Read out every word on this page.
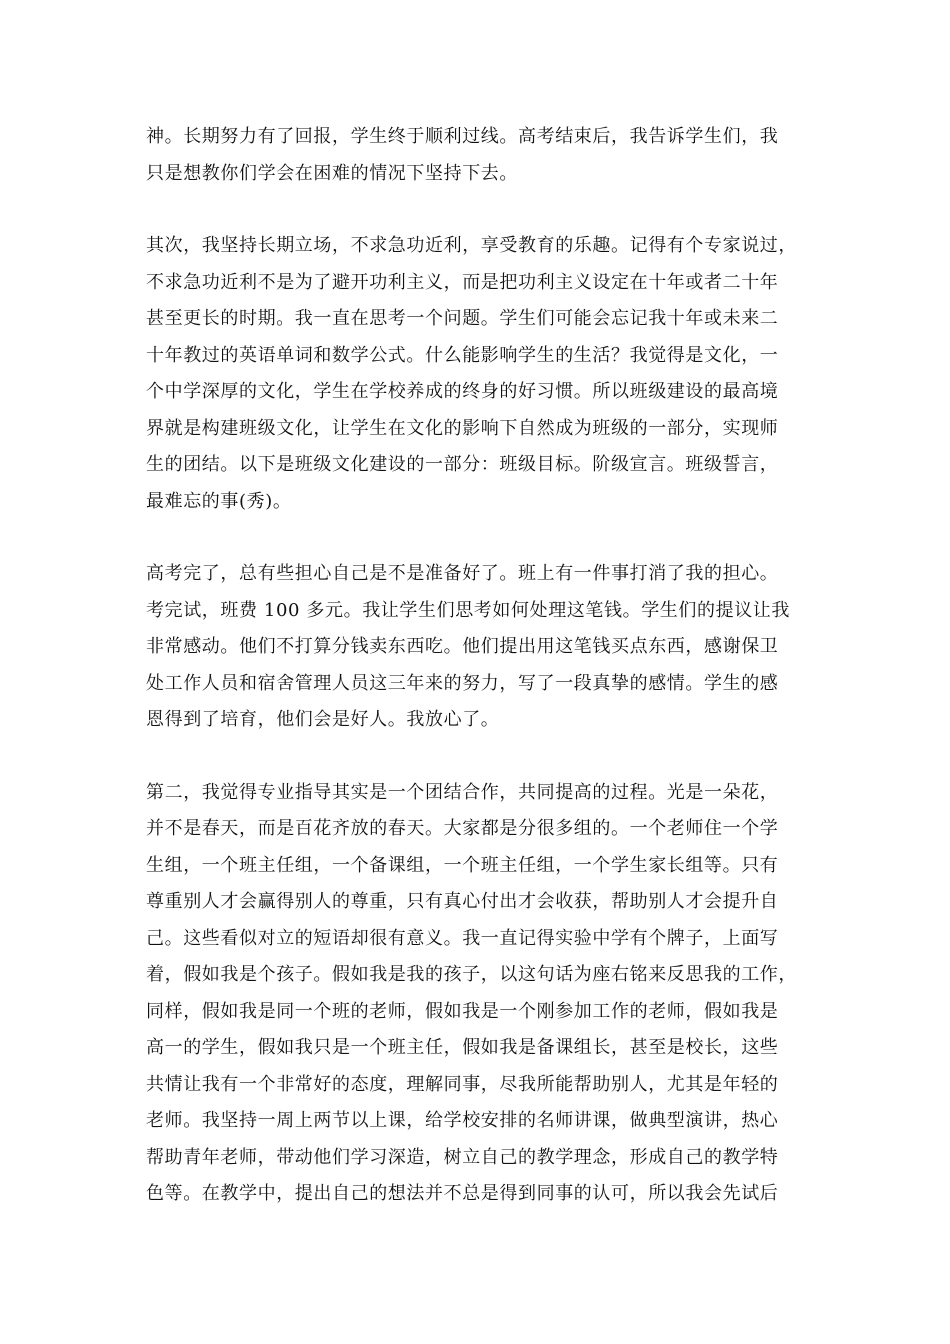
神。长期努力有了回报，学生终于顺利过线。高考结束后，我告诉学生们，我
只是想教你们学会在困难的情况下坚持下去。
其次，我坚持长期立场，不求急功近利，享受教育的乐趣。记得有个专家说过，
不求急功近利不是为了避开功利主义，而是把功利主义设定在十年或者二十年
甚至更长的时期。我一直在思考一个问题。学生们可能会忘记我十年或未来二
十年教过的英语单词和数学公式。什么能影响学生的生活？我觉得是文化，一
个中学深厚的文化，学生在学校养成的终身的好习惯。所以班级建设的最高境
界就是构建班级文化，让学生在文化的影响下自然成为班级的一部分，实现师
生的团结。以下是班级文化建设的一部分：班级目标。阶级宣言。班级誓言，
最难忘的事(秀)。
高考完了，总有些担心自己是不是准备好了。班上有一件事打消了我的担心。
考完试，班费 100 多元。我让学生们思考如何处理这笔钱。学生们的提议让我
非常感动。他们不打算分钱卖东西吃。他们提出用这笔钱买点东西，感谢保卫
处工作人员和宿舍管理人员这三年来的努力，写了一段真挚的感情。学生的感
恩得到了培育，他们会是好人。我放心了。
第二，我觉得专业指导其实是一个团结合作，共同提高的过程。光是一朵花，
并不是春天，而是百花齐放的春天。大家都是分很多组的。一个老师住一个学
生组，一个班主任组，一个备课组，一个班主任组，一个学生家长组等。只有
尊重别人才会赢得别人的尊重，只有真心付出才会收获，帮助别人才会提升自
己。这些看似对立的短语却很有意义。我一直记得实验中学有个牌子，上面写
着，假如我是个孩子。假如我是我的孩子，以这句话为座右铭来反思我的工作，
同样，假如我是同一个班的老师，假如我是一个刚参加工作的老师，假如我是
高一的学生，假如我只是一个班主任，假如我是备课组长，甚至是校长，这些
共情让我有一个非常好的态度，理解同事，尽我所能帮助别人，尤其是年轻的
老师。我坚持一周上两节以上课，给学校安排的名师讲课，做典型演讲，热心
帮助青年老师，带动他们学习深造，树立自己的教学理念，形成自己的教学特
色等。在教学中，提出自己的想法并不总是得到同事的认可，所以我会先试后
